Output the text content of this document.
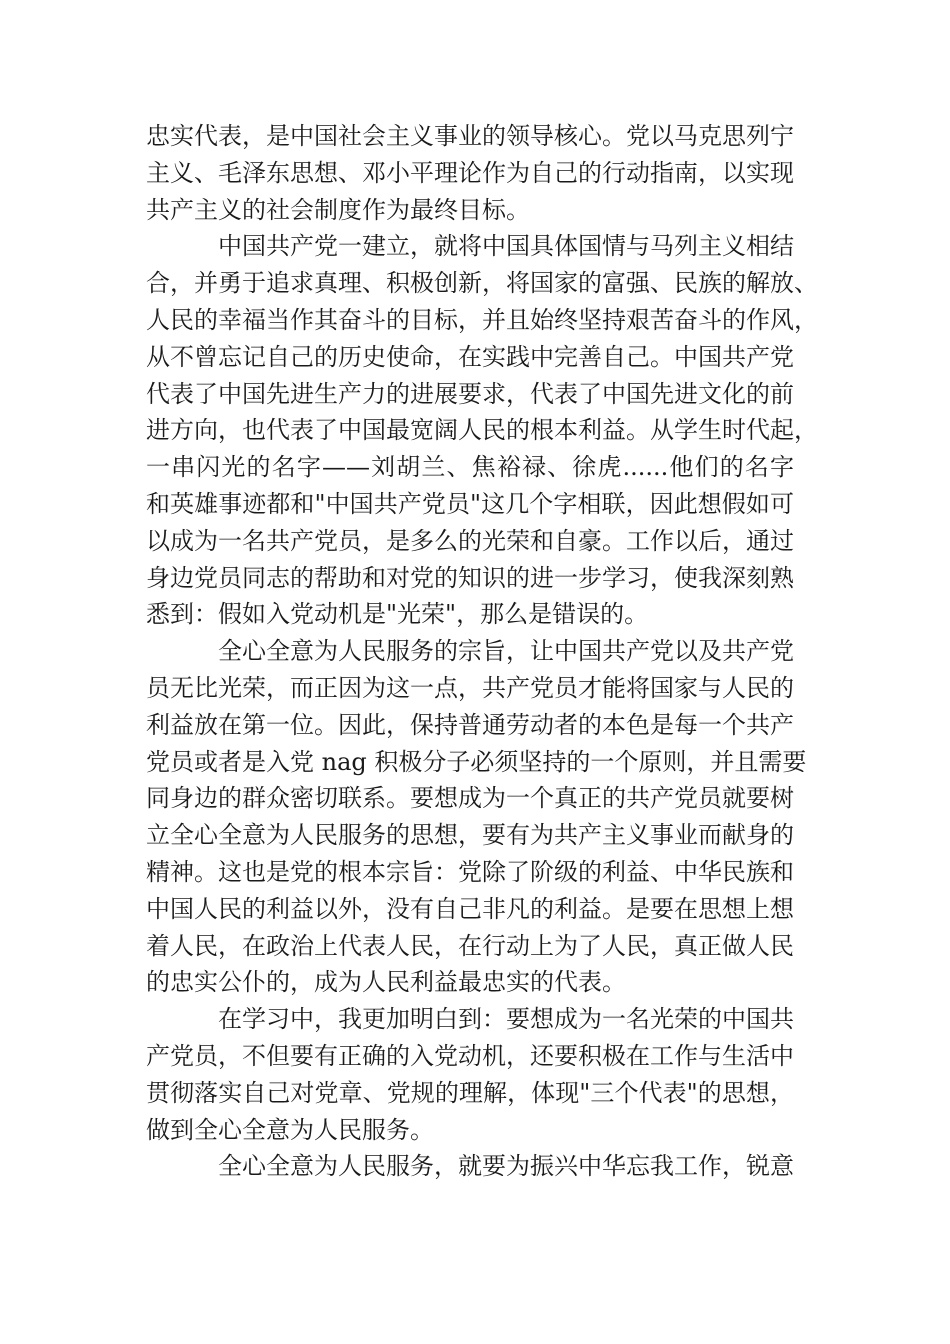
忠实代表，是中国社会主义事业的领导核心。党以马克思列宁
主义、毛泽东思想、邓小平理论作为自己的行动指南，以实现
共产主义的社会制度作为最终目标。

中国共产党一建立，就将中国具体国情与马列主义相结
合，并勇于追求真理、积极创新，将国家的富强、民族的解放、
人民的幸福当作其奋斗的目标，并且始终坚持艰苦奋斗的作风，
从不曾忘记自己的历史使命，在实践中完善自己。中国共产党
代表了中国先进生产力的进展要求，代表了中国先进文化的前
进方向，也代表了中国最宽阔人民的根本利益。从学生时代起，
一串闪光的名字——刘胡兰、焦裕禄、徐虎......他们的名字
和英雄事迹都和"中国共产党员"这几个字相联，因此想假如可
以成为一名共产党员，是多么的光荣和自豪。工作以后，通过
身边党员同志的帮助和对党的知识的进一步学习，使我深刻熟
悉到：假如入党动机是"光荣"，那么是错误的。

全心全意为人民服务的宗旨，让中国共产党以及共产党
员无比光荣，而正因为这一点，共产党员才能将国家与人民的
利益放在第一位。因此，保持普通劳动者的本色是每一个共产
党员或者是入党 nag 积极分子必须坚持的一个原则，并且需要
同身边的群众密切联系。要想成为一个真正的共产党员就要树
立全心全意为人民服务的思想，要有为共产主义事业而献身的
精神。这也是党的根本宗旨：党除了阶级的利益、中华民族和
中国人民的利益以外，没有自己非凡的利益。是要在思想上想
着人民，在政治上代表人民，在行动上为了人民，真正做人民
的忠实公仆的，成为人民利益最忠实的代表。

在学习中，我更加明白到：要想成为一名光荣的中国共
产党员，不但要有正确的入党动机，还要积极在工作与生活中
贯彻落实自己对党章、党规的理解，体现"三个代表"的思想，
做到全心全意为人民服务。

全心全意为人民服务，就要为振兴中华忘我工作，锐意
